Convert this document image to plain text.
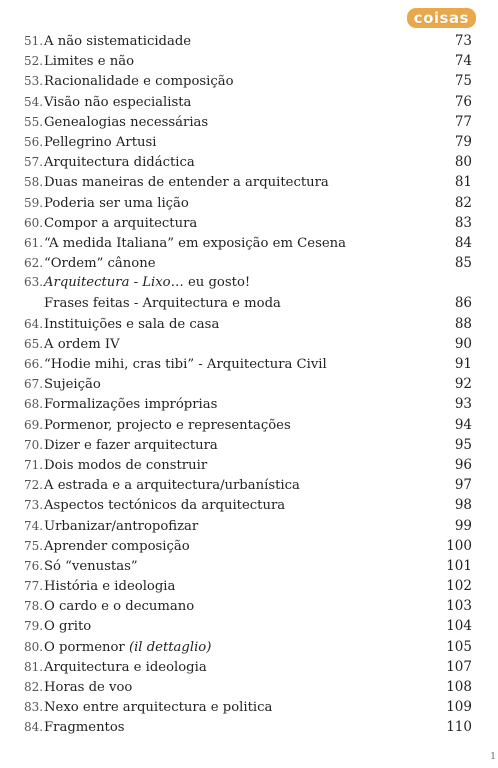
coisas
51.A não sistematicidade	73
52.Limites e não	74
53.Racionalidade e composição	75
54.Visão não especialista	76
55.Genealogias necessárias	77
56.Pellegrino Artusi	79
57.Arquitectura didáctica	80
58.Duas maneiras de entender a arquitectura	81
59.Poderia ser uma lição	82
60.Compor a arquitectura	83
61.“A medida Italiana” em exposição em Cesena	84
62.“Ordem” cânone	85
63.Arquitectura - Lixo… eu gosto!
Frases feitas - Arquitectura e moda	86
64.Instituições e sala de casa	88
65.A ordem IV	90
66.“Hodie mihi, cras tibi” - Arquitectura Civil	91
67.Sujeição	92
68.Formalizações impróprias	93
69.Pormenor, projecto e representações	94
70.Dizer e fazer arquitectura	95
71.Dois modos de construir	96
72.A estrada e a arquitectura/urbanística	97
73.Aspectos tectónicos da arquitectura	98
74.Urbanizar/antropofizar	99
75.Aprender composição	100
76.Só “venustas”	101
77.História e ideologia	102
78.O cardo e o decumano	103
79.O grito	104
80.O pormenor (il dettaglio)	105
81.Arquitectura e ideologia	107
82.Horas de voo	108
83.Nexo entre arquitectura e politica	109
84.Fragmentos	110
1
